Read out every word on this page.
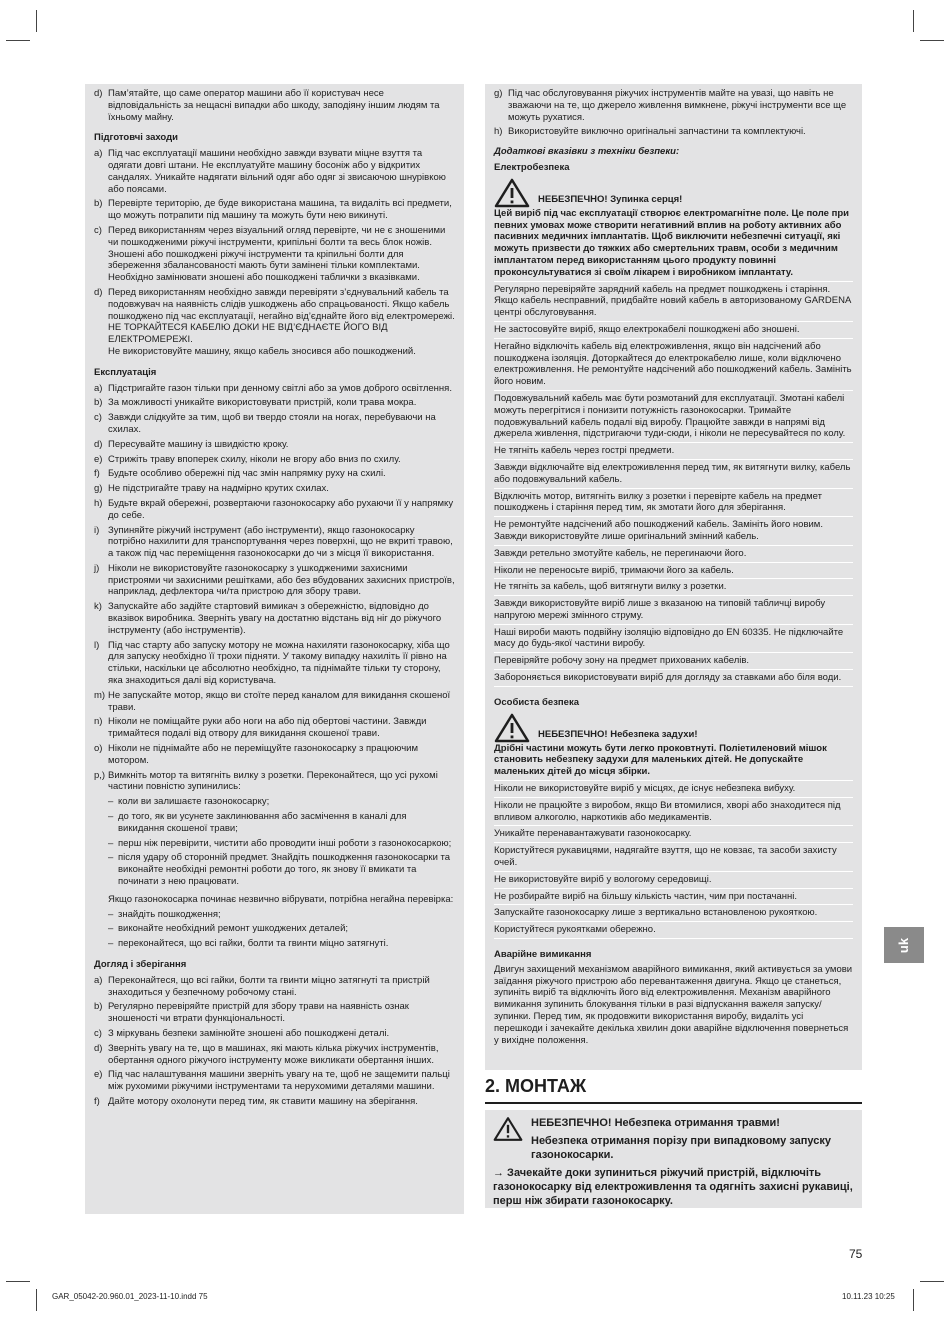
d) Пам’ятайте, що саме оператор машини або її користувач несе відповідальність за нещасні випадки або шкоду, заподіяну іншим людям та їхньому майну.
Підготовчі заходи
a) Під час експлуатації машини необхідно завжди взувати міцне взуття та одягати довгі штани. Не експлуатуйте машину босоніж або у відкритих сандалях. Уникайте надягати вільний одяг або одяг зі звисаючою шнурівкою або поясами.
b) Перевірте територію, де буде використана машина, та видаліть всі предмети, що можуть потрапити під машину та можуть бути нею викинуті.
c) Перед використанням через візуальний огляд перевірте, чи не є зношеними чи пошкодженими ріжучі інструменти, крипільні болти та весь блок ножів. Зношені або пошкоджені ріжучі інструменти та кріпильні болти для збереження збалансованості мають бути замінені тільки комплектами. Необхідно замінювати зношені або пошкоджені таблички з вказівками.
d) Перед використанням необхідно завжди перевіряти з’єднувальний кабель та подовжувач на наявність слідів ушкоджень або спрацьованості. Якщо кабель пошкоджено під час експлуатації, негайно від’єднайте його від електромережі. НЕ ТОРКАЙТЕСЯ КАБЕЛЮ ДОКИ НЕ ВІД’ЄДНАЄТЕ ЙОГО ВІД ЕЛЕКТРОМЕРЕЖІ.
Не використовуйте машину, якщо кабель зносився або пошкоджений.
Експлуатація
a) Підстригайте газон тільки при денному світлі або за умов доброго освітлення.
b) За можливості уникайте використовувати пристрій, коли трава мокра.
c) Завжди слідкуйте за тим, щоб ви твердо стояли на ногах, перебуваючи на схилах.
d) Пересувайте машину із швидкістю кроку.
e) Стрижіть траву впоперек схилу, ніколи не вгору або вниз по схилу.
f) Будьте особливо обережні під час змін напрямку руху на схилі.
g) Не підстригайте траву на надмірно крутих схилах.
h) Будьте вкрай обережні, розвертаючи газонокосарку або рухаючи її у напрямку до себе.
i) Зупиняйте ріжучий інструмент (або інструменти), якщо газонокосарку потрібно нахилити для транспортування через поверхні, що не вкриті травою, а також під час переміщення газонокосарки до чи з місця її використання.
j) Ніколи не використовуйте газонокосарку з ушкодженими захисними пристроями чи захисними решітками, або без вбудованих захисних пристроїв, наприклад, дефлектора чи/та пристрою для збору трави.
k) Запускайте або задійте стартовий вимикач з обережністю, відповідно до вказівок виробника. Зверніть увагу на достатню відстань від ніг до ріжучого інструменту (або інструментів).
l) Під час старту або запуску мотору не можна нахиляти газонокосарку, хіба що для запуску необхідно її трохи підняти. У такому випадку нахиліть її рівно на стільки, наскільки це абсолютно необхідно, та піднімайте тільки ту сторону, яка знаходиться далі від користувача.
m) Не запускайте мотор, якщо ви стоїте перед каналом для викидання скошеної трави.
n) Ніколи не поміщайте руки або ноги на або під обертові частини. Завжди тримайтеся подалі від отвору для викидання скошеної трави.
o) Ніколи не піднімайте або не переміщуйте газонокосарку з працюючим мотором.
p,) Вимкніть мотор та витягніть вилку з розетки. Переконайтеся, що усі рухомі частини повністю зупинились:
– коли ви залишаєте газонокосарку;
– до того, як ви усунете заклинювання або засмічення в каналі для викидання скошеної трави;
– перш ніж перевірити, чистити або проводити інші роботи з газонокосаркою;
– після удару об сторонній предмет. Знайдіть пошкодження газонокосарки та виконайте необхідні ремонтні роботи до того, як знову її вмикати та починати з нею працювати.
Якщо газонокосарка починає незвично вібрувати, потрібна негайна перевірка:
– знайдіть пошкодження;
– виконайте необхідний ремонт ушкоджених деталей;
– переконайтеся, що всі гайки, болти та гвинти міцно затягнуті.
Догляд і зберігання
a) Переконайтеся, що всі гайки, болти та гвинти міцно затягнуті та пристрій знаходиться у безпечному робочому стані.
b) Регулярно перевіряйте пристрій для збору трави на наявність ознак зношеності чи втрати функціональності.
c) З міркувань безпеки замінюйте зношені або пошкоджені деталі.
d) Зверніть увагу на те, що в машинах, які мають кілька ріжучих інструментів, обертання одного ріжучого інструменту може викликати обертання інших.
e) Під час налаштування машини зверніть увагу на те, щоб не защемити пальці між рухомими ріжучими інструментами та нерухомими деталями машини.
f) Дайте мотору охолонути перед тим, як ставити машину на зберігання.
g) Під час обслуговування ріжучих інструментів майте на увазі, що навіть не зважаючи на те, що джерело живлення вимкнене, ріжучі інструменти все ще можуть рухатися.
h) Використовуйте виключно оригінальні запчастини та комплектуючі.
Додаткові вказівки з техніки безпеки:
Електробезпека
НЕБЕЗПЕЧНО! Зупинка серця!
Цей виріб під час експлуатації створює електромагнітне поле. Це поле при певних умовах може створити негативний вплив на роботу активних або пасивних медичних імплантатів. Щоб виключити небезпечні ситуації, які можуть призвести до тяжких або смертельних травм, особи з медичним імплантатом перед використанням цього продукту повинні проконсультуватися зі своїм лікарем і виробником імплантату.
Регулярно перевіряйте зарядний кабель на предмет пошкоджень і старіння. Якщо кабель несправний, придбайте новий кабель в авторизованому GARDENA центрі обслуговування.
Не застосовуйте виріб, якщо електрокабелі пошкоджені або зношені.
Негайно відключіть кабель від електроживлення, якщо він надсічений або пошкоджена ізоляція. Доторкайтеся до електрокабелю лише, коли відключено електроживлення. Не ремонтуйте надсічений або пошкоджений кабель. Замініть його новим.
Подовжувальний кабель має бути розмотаний для експлуатації. Змотані кабелі можуть перегрітися і понизити потужність газонокосарки. Тримайте подовжувальний кабель подалі від виробу. Працюйте завжди в напрямі від джерела живлення, підстригаючи туди-сюди, і ніколи не пересувайтеся по колу.
Не тягніть кабель через гострі предмети.
Завжди відключайте від електроживлення перед тим, як витягнути вилку, кабель або подовжувальний кабель.
Відключіть мотор, витягніть вилку з розетки і перевірте кабель на предмет пошкоджень і старіння перед тим, як змотати його для зберігання.
Не ремонтуйте надсічений або пошкоджений кабель. Замініть його новим. Завжди використовуйте лише оригінальний змінний кабель.
Завжди ретельно змотуйте кабель, не перегинаючи його.
Ніколи не переносьте виріб, тримаючи його за кабель.
Не тягніть за кабель, щоб витягнути вилку з розетки.
Завжди використовуйте виріб лише з вказаною на типовій табличці виробу напругою мережі змінного струму.
Наші вироби мають подвійну ізоляцію відповідно до EN 60335. Не підключайте масу до будь-якої частини виробу.
Перевіряйте робочу зону на предмет прихованих кабелів.
Забороняється використовувати виріб для догляду за ставками або біля води.
Особиста безпека
НЕБЕЗПЕЧНО! Небезпека задухи!
Дрібні частини можуть бути легко проковтнуті. Поліетиленовий мішок становить небезпеку задухи для маленьких дітей. Не допускайте маленьких дітей до місця збірки.
Ніколи не використовуйте виріб у місцях, де існує небезпека вибуху.
Ніколи не працюйте з виробом, якщо Ви втомилися, хворі або знаходитеся під впливом алкоголю, наркотиків або медикаментів.
Уникайте перенавантажувати газонокосарку.
Користуйтеся рукавицями, надягайте взуття, що не ковзає, та засоби захисту очей.
Не використовуйте виріб у вологому середовищі.
Не розбирайте виріб на більшу кількість частин, чим при постачанні.
Запускайте газонокосарку лише з вертикально встановленою рукояткою.
Користуйтеся рукоятками обережно.
Аварійне вимикання
Двигун захищений механізмом аварійного вимикання, який активується за умови заїдання ріжучого пристрою або перевантаження двигуна. Якщо це станеться, зупиніть виріб та відключіть його від електроживлення. Механізм аварійного вимикання зупинить блокування тільки в разі відпускання важеля запуску/зупинки. Перед тим, як продовжити використання виробу, видаліть усі перешкоди і зачекайте декілька хвилин доки аварійне відключення повернеться у вихідне положення.
2. МОНТАЖ
НЕБЕЗПЕЧНО! Небезпека отримання травми!
Небезпека отримання порізу при випадковому запуску газонокосарки.
→ Зачекайте доки зупиниться ріжучий пристрій, відключіть газонокосарку від електроживлення та одягніть захисні рукавиці, перш ніж збирати газонокосарку.
uk
75
GAR_05042-20.960.01_2023-11-10.indd 75	10.11.23 10:25
